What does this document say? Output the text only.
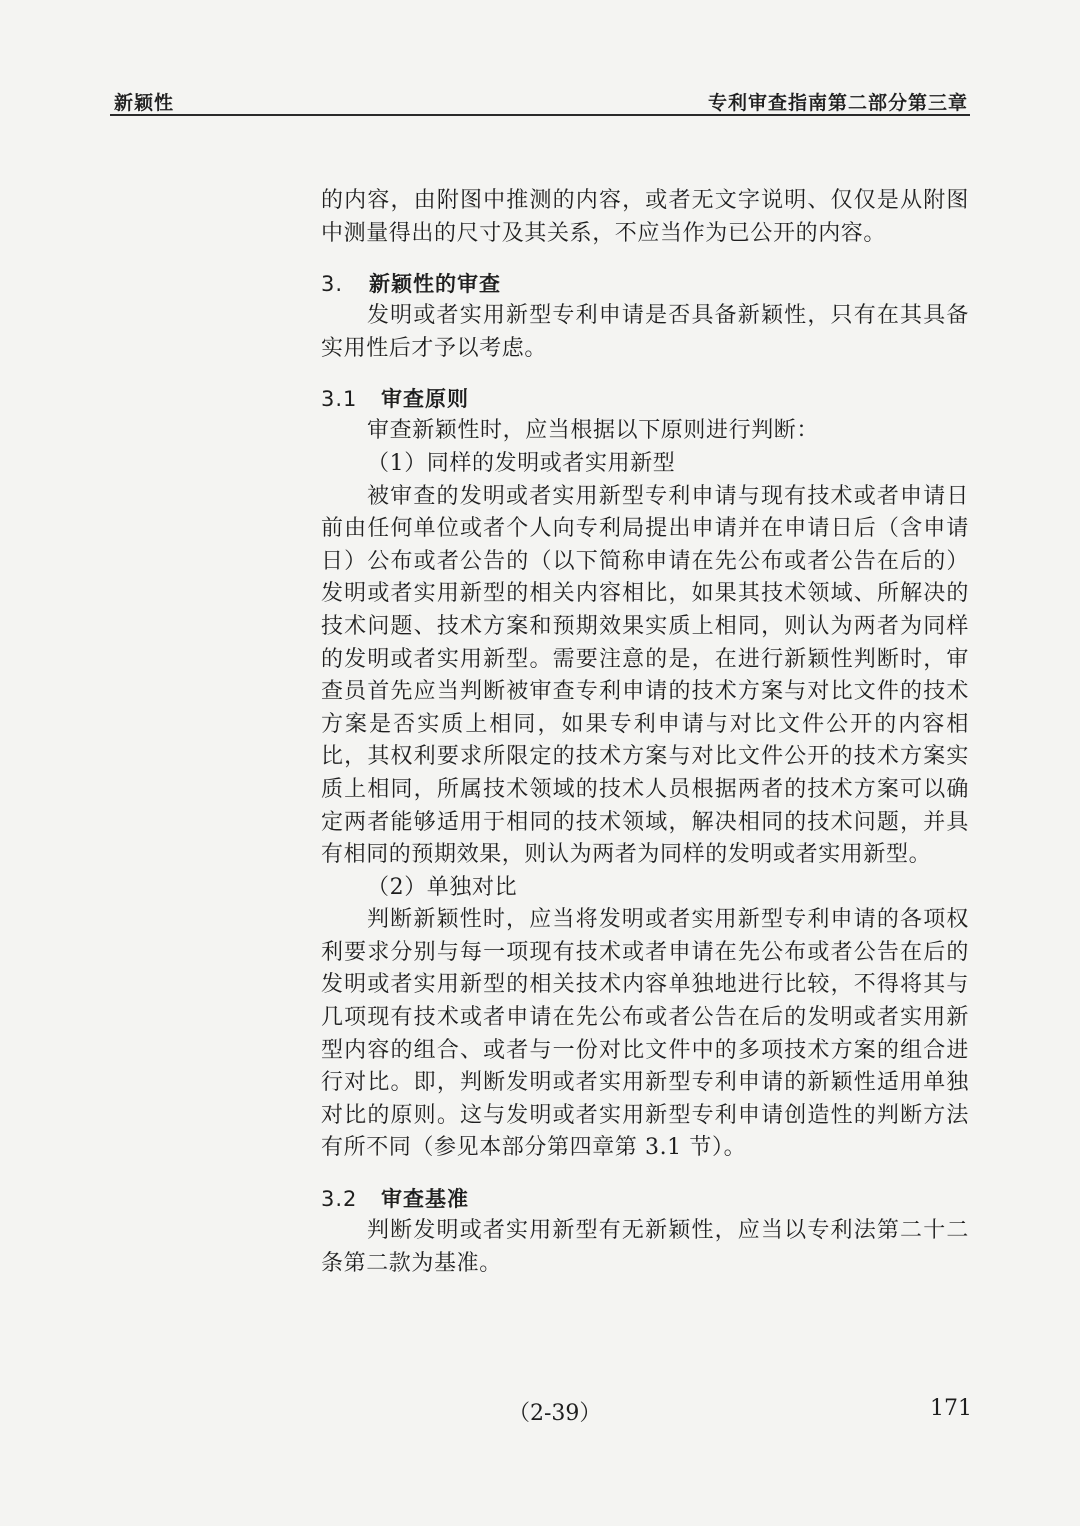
新颖性	专利审查指南第二部分第三章

的内容，由附图中推测的内容，或者无文字说明、仅仅是从附图中测量得出的尺寸及其关系，不应当作为已公开的内容。

3. 新颖性的审查

发明或者实用新型专利申请是否具备新颖性，只有在其具备实用性后才予以考虑。

3.1 审查原则

审查新颖性时，应当根据以下原则进行判断：

（1）同样的发明或者实用新型

被审查的发明或者实用新型专利申请与现有技术或者申请日前由任何单位或者个人向专利局提出申请并在申请日后（含申请日）公布或者公告的（以下简称申请在先公布或者公告在后的）发明或者实用新型的相关内容相比，如果其技术领域、所解决的技术问题、技术方案和预期效果实质上相同，则认为两者为同样的发明或者实用新型。需要注意的是，在进行新颖性判断时，审查员首先应当判断被审查专利申请的技术方案与对比文件的技术方案是否实质上相同，如果专利申请与对比文件公开的内容相比，其权利要求所限定的技术方案与对比文件公开的技术方案实质上相同，所属技术领域的技术人员根据两者的技术方案可以确定两者能够适用于相同的技术领域，解决相同的技术问题，并具有相同的预期效果，则认为两者为同样的发明或者实用新型。

（2）单独对比

判断新颖性时，应当将发明或者实用新型专利申请的各项权利要求分别与每一项现有技术或者申请在先公布或者公告在后的发明或者实用新型的相关技术内容单独地进行比较，不得将其与几项现有技术或者申请在先公布或者公告在后的发明或者实用新型内容的组合、或者与一份对比文件中的多项技术方案的组合进行对比。即，判断发明或者实用新型专利申请的新颖性适用单独对比的原则。这与发明或者实用新型专利申请创造性的判断方法有所不同（参见本部分第四章第 3.1 节）。

3.2 审查基准

判断发明或者实用新型有无新颖性，应当以专利法第二十二条第二款为基准。

（2-39）	171
